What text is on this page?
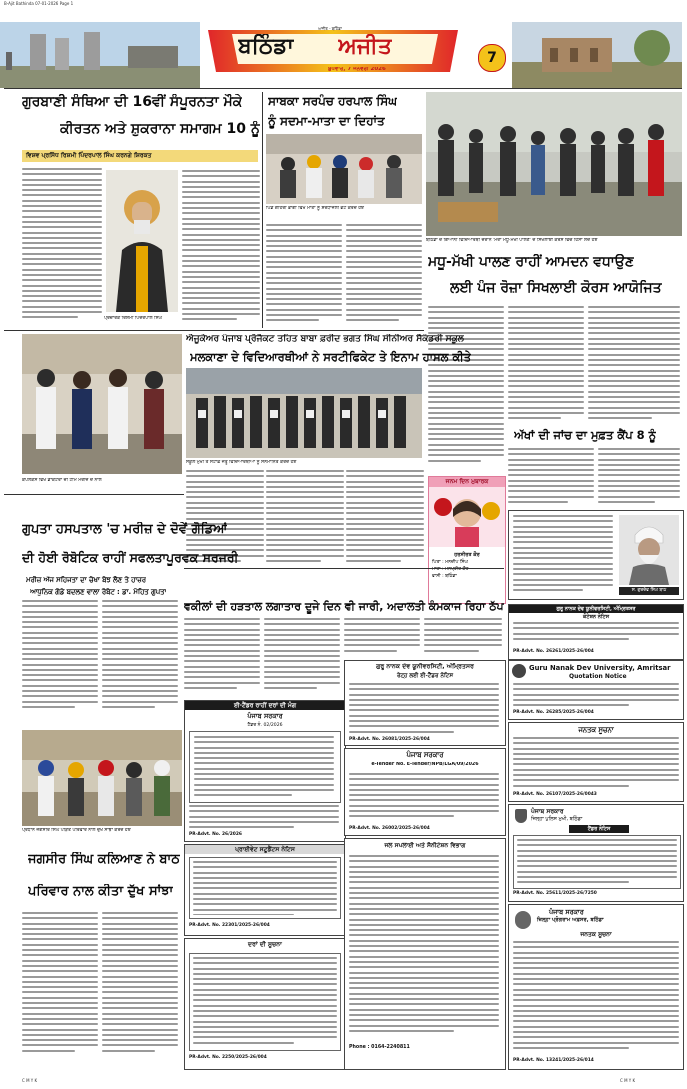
B-Ajit Bathinda 07-01-2026 Page 1
ਬਠਿੰਡਾ ਅਜੀਤ
ਅਜੀਤ - ਬਠਿੰਡਾ
ਬੁੱਧਵਾਰ, 7 ਜਨਵਰੀ 2026
7
ਗੁਰਬਾਣੀ ਸੰਥਿਆ ਦੀ 16ਵੀਂ ਸੰਪੂਰਨਤਾ ਮੌਕੇ
ਕੀਰਤਨ ਅਤੇ ਸ਼ੁਕਰਾਨਾ ਸਮਾਗਮ 10 ਨੂੰ
ਵਿਸ਼ਵ ਪ੍ਰਸਿੱਧ ਰਿਸ਼ਮੀ ਪਿੰਦਰਪਾਲ ਸਿੰਘ ਕਰਨਗੇ ਸ਼ਿਰਕਤ
ਪ੍ਰਚਾਰਕ ਰਿਸ਼ਮੀ ਪਿੰਦਰਪਾਲ ਸਿੰਘ
ਸਾਬਕਾ ਸਰਪੰਚ ਹਰਪਾਲ ਸਿੰਘ
ਨੂੰ ਸਦਮਾ-ਮਾਤਾ ਦਾ ਦਿਹਾਂਤ
ਪਿੰਡ ਗਹਿਰੀ ਭਾਗੀ ਵਿਖੇ ਮਾਤਾ ਨੂੰ ਸ਼ਰਧਾਂਜਲੀ ਭੇਟ ਕਰਦੇ ਹੋਏ
ਬਠਿੰਡਾ ਦੇ ਗਿਆਨੀ ਵਿਦਿਆਰਥੀ ਦੌਰਾਨ 'ਮੇਰਾ ਮਧੂ-ਮੱਖੀ ਪਾਲਣ' ਦੇ ਸਿਖਲਾਈ ਕੋਰਸ ਵਿਚ ਹਿੱਸਾ ਲੈਂਦੇ ਹੋਏ
ਮਧੂ-ਮੱਖੀ ਪਾਲਣ ਰਾਹੀਂ ਆਮਦਨ ਵਧਾਉਣ
ਲਈ ਪੰਜ ਰੋਜ਼ਾ ਸਿਖਲਾਈ ਕੋਰਸ ਆਯੋਜਿਤ
ਅੱਖਾਂ ਦੀ ਜਾਂਚ ਦਾ ਮੁਫ਼ਤ ਕੈਂਪ 8 ਨੂੰ
ਕੰਪਲੈਕਸ ਵਿਖੇ ਡਾਕਟਰਾਂ ਦੀ ਟੀਮ ਮਰੀਜ਼ ਦੇ ਨਾਲ
ਐਜੂਕੇਅਰ ਪੰਜਾਬ ਪ੍ਰੋਜੈਕਟ ਤਹਿਤ ਬਾਬਾ ਫ਼ਰੀਦ ਭਗਤ ਸਿੰਘ ਸੀਨੀਅਰ ਸੈਕੰਡਰੀ ਸਕੂਲ
ਮਲਕਾਣਾ ਦੇ ਵਿਦਿਆਰਥੀਆਂ ਨੇ ਸਰਟੀਫਿਕੇਟ ਤੇ ਇਨਾਮ ਹਾਸਲ ਕੀਤੇ
ਸਕੂਲ ਮੁਖੀ ਤੇ ਸਟਾਫ਼ ਜੇਤੂ ਵਿਦਿਆਰਥੀਆਂ ਨੂੰ ਸਨਮਾਨਿਤ ਕਰਦੇ ਹੋਏ
ਜਨਮ ਦਿਨ ਮੁਬਾਰਕ
ਹਰਸੀਰਤ ਕੌਰ
ਪਿਤਾ : ਮਨਦੀਪ ਸਿੰਘ
ਮਾਤਾ : ਮਨਪ੍ਰੀਤ ਕੌਰ
ਵਾਸੀ : ਬਠਿੰਡਾ
ਸ. ਗੁਰਦੇਵ ਸਿੰਘ ਬਾਠ
ਗੁਪਤਾ ਹਸਪਤਾਲ 'ਚ ਮਰੀਜ਼ ਦੇ ਦੋਵੇਂ ਗੋਡਿਆਂ
ਦੀ ਹੋਈ ਰੋਬੋਟਿਕ ਰਾਹੀਂ ਸਫਲਤਾਪੂਰਵਕ ਸਰਜਰੀ
ਮਰੀਜ਼ ਅੱਜ ਸਹਿਜਤਾ ਦਾ ਚੋਖਾ ਬੋਝ ਲੈਣ ਤੇ ਹਾਜ਼ਰ
ਆਧੁਨਿਕ ਗੋਡੇ ਬਦਲਣ ਵਾਲਾ ਰੋਬੋਟ : ਡਾ. ਮੋਹਿਤ ਗੁਪਤਾ
ਵਕੀਲਾਂ ਦੀ ਹੜਤਾਲ ਲਗਾਤਾਰ ਦੂਜੇ ਦਿਨ ਵੀ ਜਾਰੀ, ਅਦਾਲਤੀ ਕੰਮਕਾਜ ਰਿਹਾ ਠੱਪ
ਪ੍ਰਧਾਨ ਜਗਸੀਰ ਸਿੰਘ ਪੀੜਤ ਪਰਿਵਾਰ ਨਾਲ ਦੁੱਖ ਸਾਂਝਾ ਕਰਦੇ ਹੋਏ
ਜਗਸੀਰ ਸਿੰਘ ਕਲਿਆਣ ਨੇ ਬਾਠ
ਪਰਿਵਾਰ ਨਾਲ ਕੀਤਾ ਦੁੱਖ ਸਾਂਝਾ
ਈ-ਟੈਂਡਰ ਰਾਹੀਂ ਦਰਾਂ ਦੀ ਮੰਗ
ਪੰਜਾਬ ਸਰਕਾਰ
ਟੈਂਡਰ ਨੰ. 02/2026
PR-Advt. No. 26/2026
ਗੁਰੂ ਨਾਨਕ ਦੇਵ ਯੂਨੀਵਰਸਿਟੀ, ਅੰਮ੍ਰਿਤਸਰ
ਰੇਟ੍ਹ ਲਈ ਈ-ਟੈਂਡਰ ਨੋਟਿਸ
PR-Advt. No. 26081/2025-26/004
ਪੰਜਾਬ ਸਰਕਾਰ
e-Tender No. E-Tender/NPB/LGA/09/2026
PR-Advt. No. 26002/2025-26/004
ਗੁਰੂ ਨਾਨਕ ਦੇਵ ਯੂਨੀਵਰਸਿਟੀ, ਅੰਮ੍ਰਿਤਸਰ
ਕੋਟੇਸ਼ਨ ਨੋਟਿਸ
PR-Advt. No. 26261/2025-26/004
Guru Nanak Dev University, Amritsar
Quotation Notice
PR-Advt. No. 26285/2025-26/004
ਜਨਤਕ ਸੂਚਨਾ
PR-Advt. No. 26107/2025-26/0043
ਪੰਜਾਬ ਸਰਕਾਰ
ਜ਼ਿਲ੍ਹਾ ਪੁਲਿਸ ਮੁਖੀ, ਬਠਿੰਡਾ
ਟੈਂਡਰ ਨੋਟਿਸ
PR-Advt. No. 25611/2025-26/7250
ਪ੍ਰਾਈਵੇਟ ਸਟੂਡੈਂਟਸ ਨੋਟਿਸ
PR-Advt. No. 22301/2025-26/004
ਦਰਾਂ ਦੀ ਸੂਚਨਾ
PR-Advt. No. 2250/2025-26/004
ਜਲ ਸਪਲਾਈ ਅਤੇ ਸੈਨੀਟੇਸ਼ਨ ਵਿਭਾਗ
Phone : 0164-2240811
ਪੰਜਾਬ ਸਰਕਾਰ
ਜ਼ਿਲ੍ਹਾ ਪ੍ਰੋਗਰਾਮ ਅਫ਼ਸਰ, ਬਠਿੰਡਾ
ਜਨਤਕ ਸੂਚਨਾ
PR-Advt. No. 13241/2025-26/014
C M Y K	C M Y K
